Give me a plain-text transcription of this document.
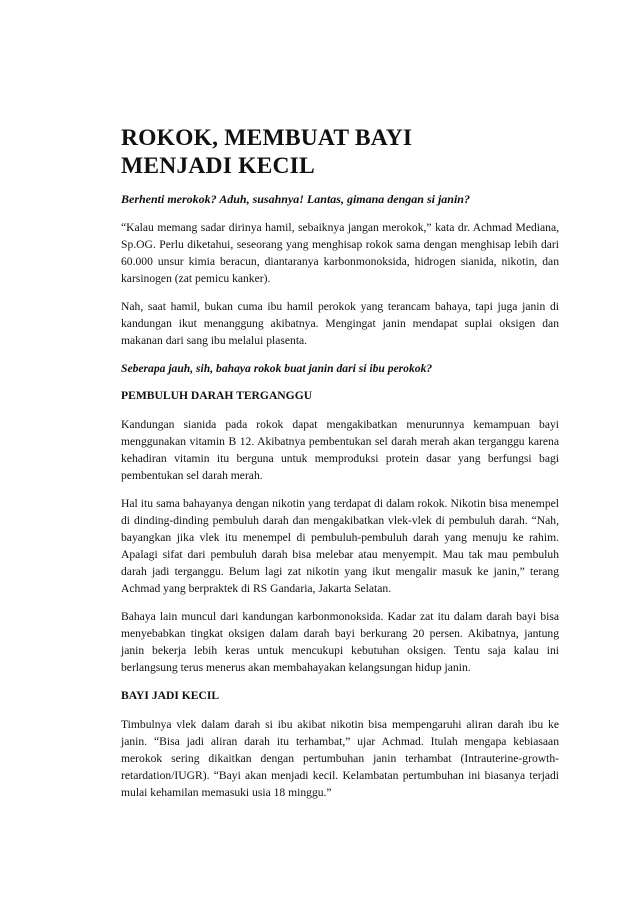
ROKOK, MEMBUAT BAYI
MENJADI KECIL

Berhenti merokok? Aduh, susahnya! Lantas, gimana dengan si janin?

“Kalau memang sadar dirinya hamil, sebaiknya jangan merokok,” kata dr. Achmad Mediana, Sp.OG. Perlu diketahui, seseorang yang menghisap rokok sama dengan menghisap lebih dari 60.000 unsur kimia beracun, diantaranya karbonmonoksida, hidrogen sianida, nikotin, dan karsinogen (zat pemicu kanker).

Nah, saat hamil, bukan cuma ibu hamil perokok yang terancam bahaya, tapi juga janin di kandungan ikut menanggung akibatnya. Mengingat janin mendapat suplai oksigen dan makanan dari sang ibu melalui plasenta.

Seberapa jauh, sih, bahaya rokok buat janin dari si ibu perokok?

PEMBULUH DARAH TERGANGGU

Kandungan sianida pada rokok dapat mengakibatkan menurunnya kemampuan bayi menggunakan vitamin B 12. Akibatnya pembentukan sel darah merah akan terganggu karena kehadiran vitamin itu berguna untuk memproduksi protein dasar yang berfungsi bagi pembentukan sel darah merah.

Hal itu sama bahayanya dengan nikotin yang terdapat di dalam rokok. Nikotin bisa menempel di dinding-dinding pembuluh darah dan mengakibatkan vlek-vlek di pembuluh darah. “Nah, bayangkan jika vlek itu menempel di pembuluh-pembuluh darah yang menuju ke rahim. Apalagi sifat dari pembuluh darah bisa melebar atau menyempit. Mau tak mau pembuluh darah jadi terganggu. Belum lagi zat nikotin yang ikut mengalir masuk ke janin,” terang Achmad yang berpraktek di RS Gandaria, Jakarta Selatan.

Bahaya lain muncul dari kandungan karbonmonoksida. Kadar zat itu dalam darah bayi bisa menyebabkan tingkat oksigen dalam darah bayi berkurang 20 persen. Akibatnya, jantung janin bekerja lebih keras untuk mencukupi kebutuhan oksigen. Tentu saja kalau ini berlangsung terus menerus akan membahayakan kelangsungan hidup janin.

BAYI JADI KECIL

Timbulnya vlek dalam darah si ibu akibat nikotin bisa mempengaruhi aliran darah ibu ke janin. “Bisa jadi aliran darah itu terhambat,” ujar Achmad. Itulah mengapa kebiasaan merokok sering dikaitkan dengan pertumbuhan janin terhambat (Intrauterine-growth-retardation/IUGR). “Bayi akan menjadi kecil. Kelambatan pertumbuhan ini biasanya terjadi mulai kehamilan memasuki usia 18 minggu.”
